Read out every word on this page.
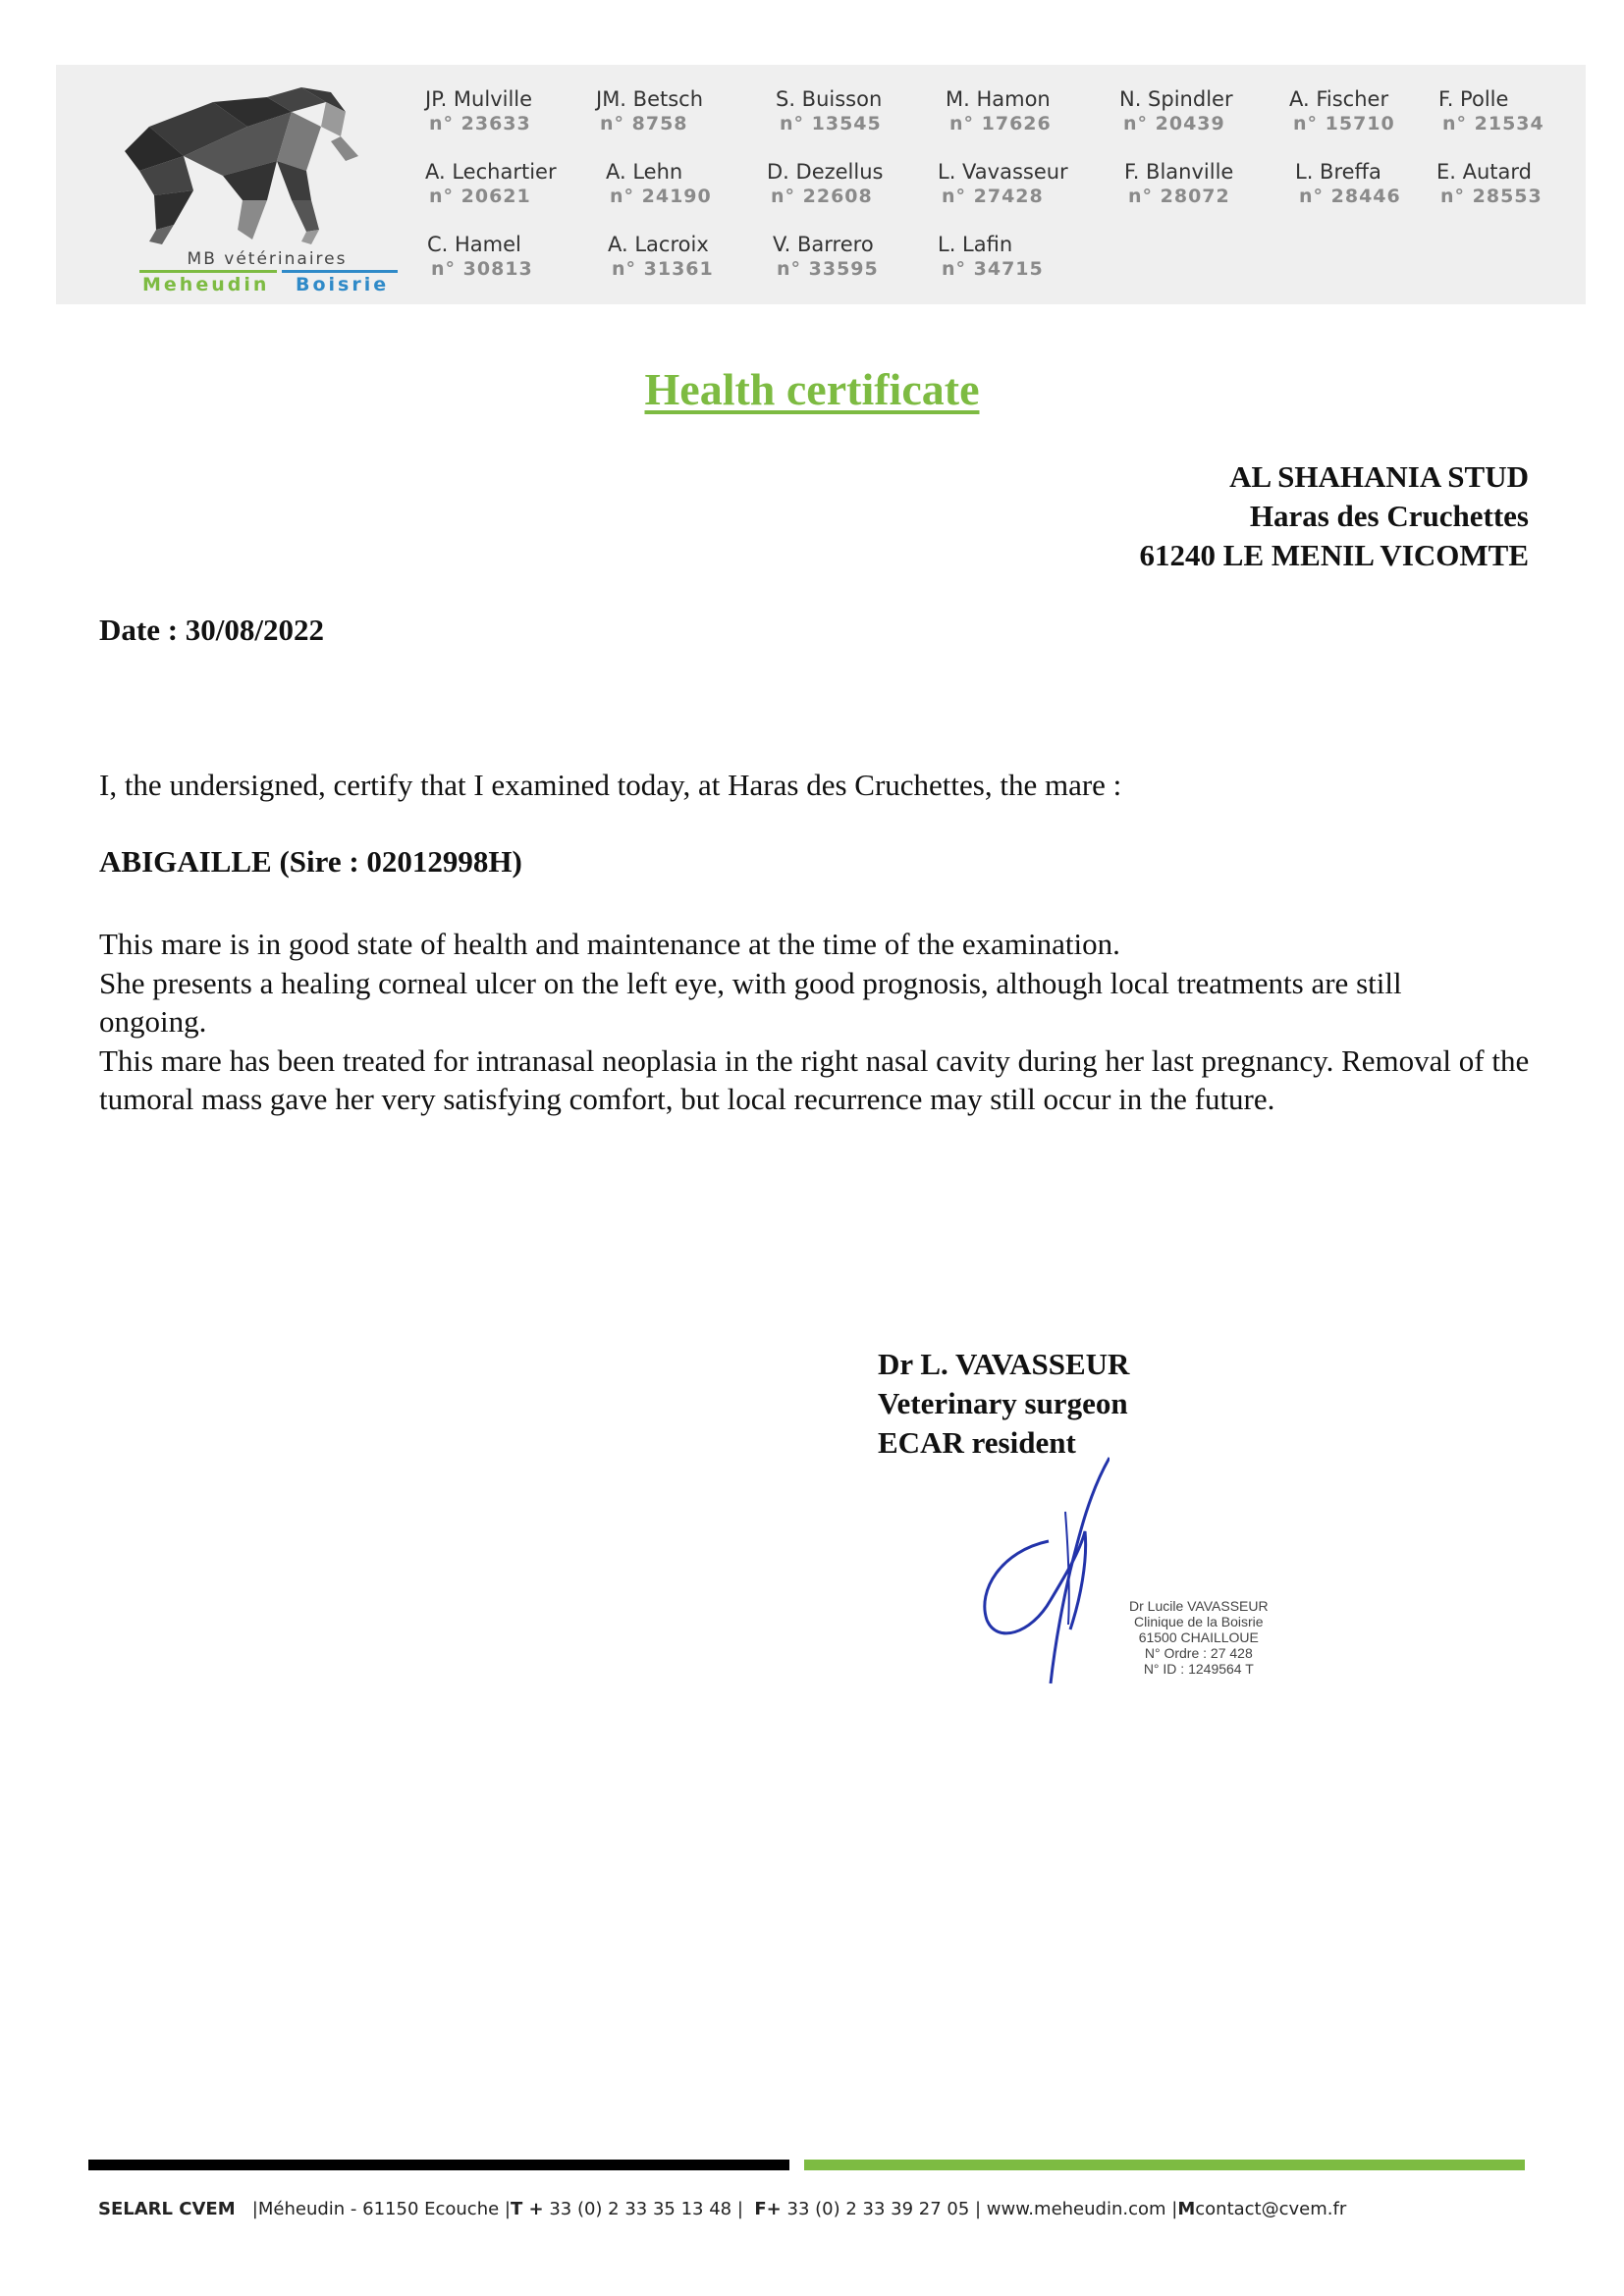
MB vétérinaires
Meheudin Boisrie
JP. Mulville
n° 23633
JM. Betsch
n° 8758
S. Buisson
n° 13545
M. Hamon
n° 17626
N. Spindler
n° 20439
A. Fischer
n° 15710
F. Polle
n° 21534
A. Lechartier
n° 20621
A. Lehn
n° 24190
D. Dezellus
n° 22608
L. Vavasseur
n° 27428
F. Blanville
n° 28072
L. Breffa
n° 28446
E. Autard
n° 28553
C. Hamel
n° 30813
A. Lacroix
n° 31361
V. Barrero
n° 33595
L. Lafin
n° 34715
Health certificate
AL SHAHANIA STUD
Haras des Cruchettes
61240 LE MENIL VICOMTE
Date : 30/08/2022
I, the undersigned, certify that I examined today, at Haras des Cruchettes, the mare :
ABIGAILLE (Sire : 02012998H)

This mare is in good state of health and maintenance at the time of the examination.

She presents a healing corneal ulcer on the left eye, with good prognosis, although local treatments are still ongoing.

This mare has been treated for intranasal neoplasia in the right nasal cavity during her last pregnancy. Removal of the tumoral mass gave her very satisfying comfort, but local recurrence may still occur in the future.

Dr L. VAVASSEUR
Veterinary surgeon
ECAR resident
Dr Lucile VAVASSEUR
Clinique de la Boisrie
61500 CHAILLOUE
N° Ordre : 27 428
N° ID : 1249564 T
SELARL CVEM |Méheudin - 61150 Ecouche |T + 33 (0) 2 33 35 13 48 | F+ 33 (0) 2 33 39 27 05 | www.meheudin.com |Mcontact@cvem.fr
